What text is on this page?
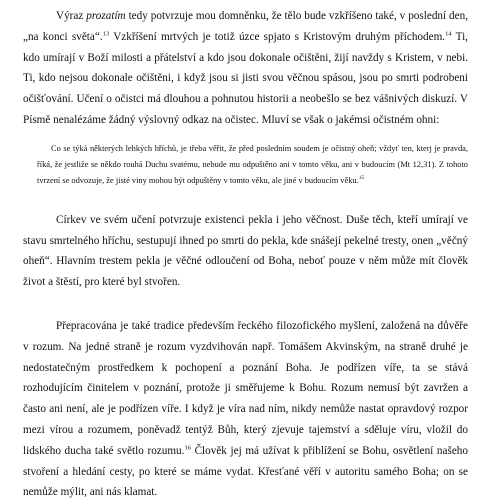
Výraz prozatím tedy potvrzuje mou domněnku, že tělo bude vzkříšeno také, v poslední den, „na konci světa“.$^{13}$ Vzkříšení mrtvých je totiž úzce spjato s Kristovým druhým příchodem.$^{14}$ Ti, kdo umírají v Boží milosti a přátelství a kdo jsou dokonale očištěni, žijí navždy s Kristem, v nebi. Ti, kdo nejsou dokonale očištěni, i když jsou si jisti svou věčnou spásou, jsou po smrti podrobeni očišťování. Učení o očistci má dlouhou a pohnutou historii a neobešlo se bez vášnivých diskuzí. V Písmě nenalézáme žádný výslovný odkaz na očistec. Mluví se však o jakémsi očistném ohni:

Co se týká některých lehkých hříchů, je třeba věřit, že před posledním soudem je očistný oheň; vždyť ten, kterj je pravda, říká, že jestliže se někdo rouhá Duchu svatému, nebude mu odpuštěno ani v tomto věku, ani v budoucím (Mt 12,31). Z tohoto tvrzení se odvozuje, že jisté viny mohou být odpuštěny v tomto věku, ale jiné v budoucím věku.$^{15}$

Církev ve svém učení potvrzuje existenci pekla i jeho věčnost. Duše těch, kteří umírají ve stavu smrtelného hříchu, sestupují ihned po smrti do pekla, kde snášejí pekelné tresty, onen „věčný oheň“. Hlavním trestem pekla je věčné odloučení od Boha, neboť pouze v něm může mít člověk život a štěstí, pro které byl stvořen.

Přepracována je také tradice především řeckého filozofického myšlení, založená na důvěře v rozum. Na jedné straně je rozum vyzdvihován např. Tomášem Akvinským, na straně druhé je nedostatečným prostředkem k pochopení a poznání Boha. Je podřízen víře, ta se stává rozhodujícím činitelem v poznání, protože ji směřujeme k Bohu. Rozum nemusí být zavržen a často ani není, ale je podřízen víře. I když je víra nad ním, nikdy nemůže nastat opravdový rozpor mezi vírou a rozumem, poněvadž tentýž Bůh, který zjevuje tajemství a sděluje víru, vložil do lidského ducha také světlo rozumu.$^{16}$ Člověk jej má užívat k přiblížení se Bohu, osvětlení našeho stvoření a hledání cesty, po které se máme vydat. Křesťané věří v autoritu samého Boha; on se nemůže mýlit, ani nás klamat.
